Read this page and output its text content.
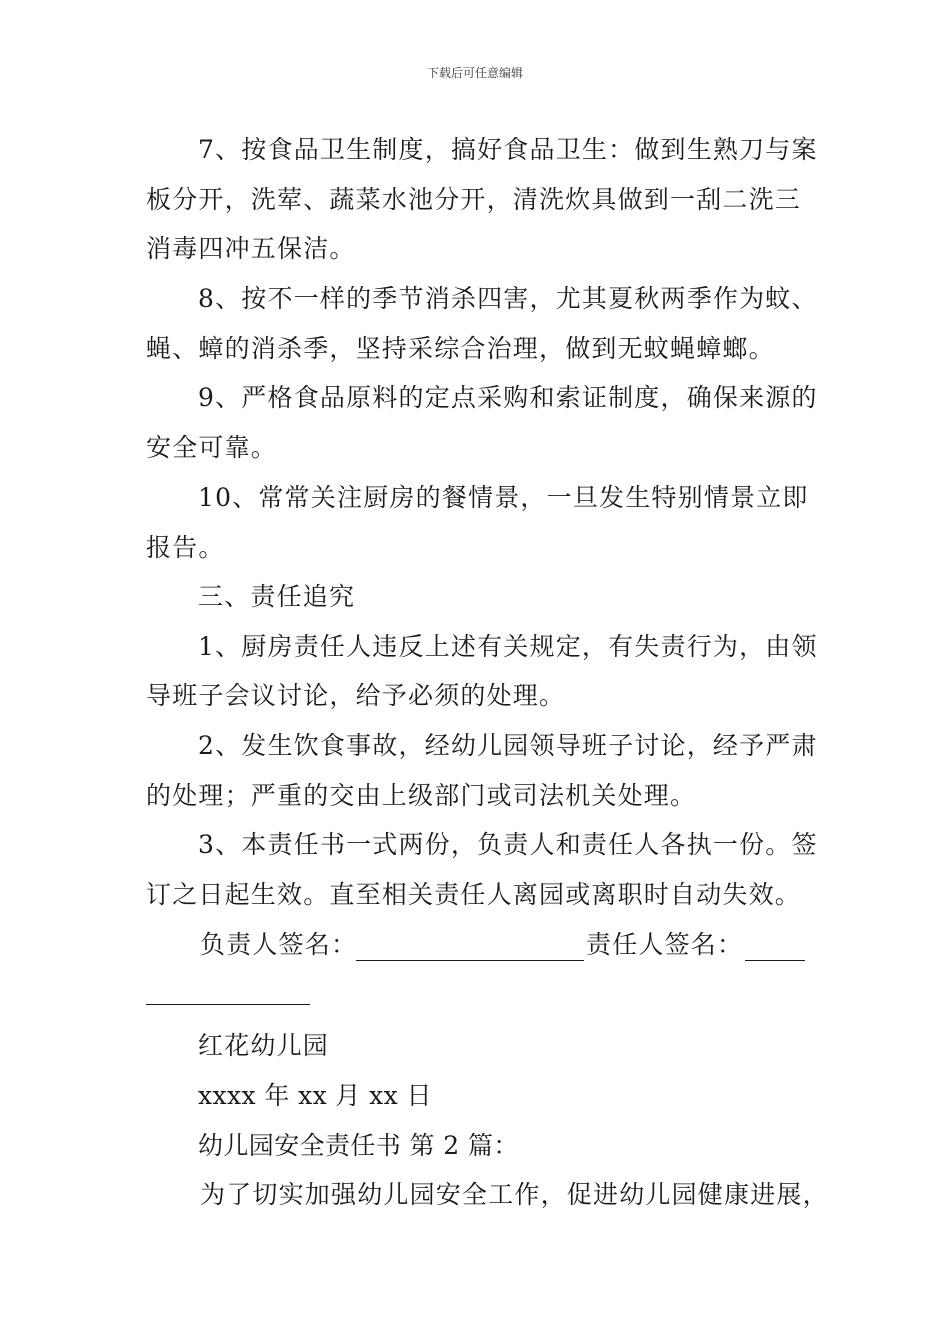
下载后可任意编辑
7、按食品卫生制度，搞好食品卫生：做到生熟刀与案
板分开，洗荤、蔬菜水池分开，清洗炊具做到一刮二洗三
消毒四冲五保洁。
8、按不一样的季节消杀四害，尤其夏秋两季作为蚊、
蝇、蟑的消杀季，坚持采综合治理，做到无蚊蝇蟑螂。
9、严格食品原料的定点采购和索证制度，确保来源的
安全可靠。
10、常常关注厨房的餐情景，一旦发生特别情景立即
报告。
三、责任追究
1、厨房责任人违反上述有关规定，有失责行为，由领
导班子会议讨论，给予必须的处理。
2、发生饮食事故，经幼儿园领导班子讨论，经予严肃
的处理；严重的交由上级部门或司法机关处理。
3、本责任书一式两份，负责人和责任人各执一份。签
订之日起生效。直至相关责任人离园或离职时自动失效。
负责人签名：	责任人签名：
红花幼儿园
xxxx 年 xx 月 xx 日
幼儿园安全责任书 第 2 篇：
为了切实加强幼儿园安全工作，促进幼儿园健康进展，
